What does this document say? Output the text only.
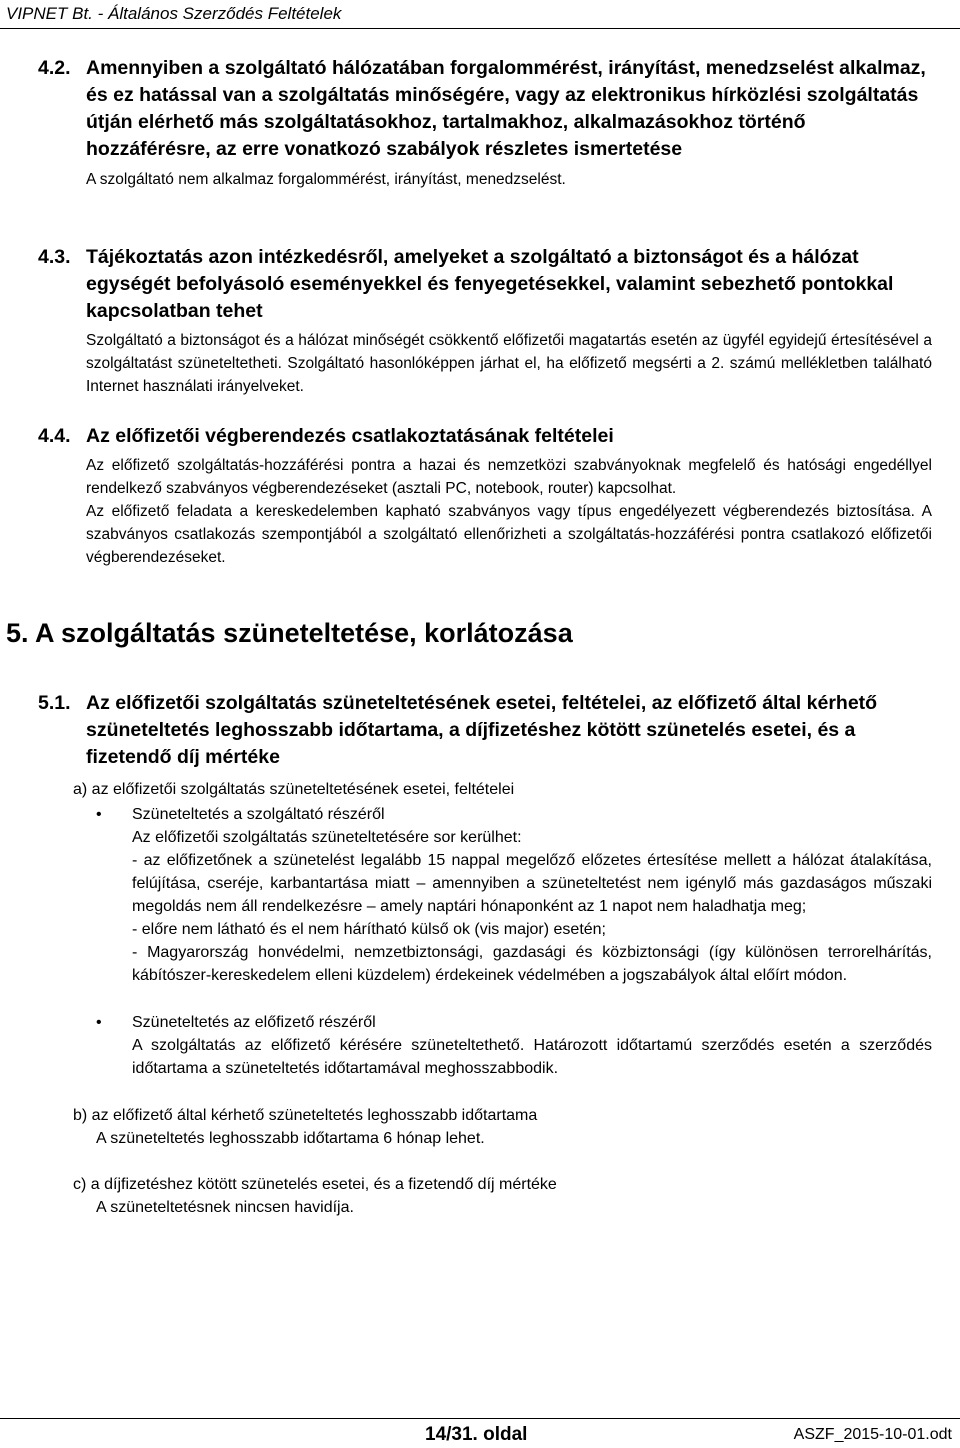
VIPNET Bt. - Általános Szerződés Feltételek
4.2. Amennyiben a szolgáltató hálózatában forgalommérést, irányítást, menedzselést alkalmaz, és ez hatással van a szolgáltatás minőségére, vagy az elektronikus hírközlési szolgáltatás útján elérhető más szolgáltatásokhoz, tartalmakhoz, alkalmazásokhoz történő hozzáférésre, az erre vonatkozó szabályok részletes ismertetése
A szolgáltató nem alkalmaz forgalommérést, irányítást, menedzselést.
4.3. Tájékoztatás azon intézkedésről, amelyeket a szolgáltató a biztonságot és a hálózat egységét befolyásoló eseményekkel és fenyegetésekkel, valamint sebezhető pontokkal kapcsolatban tehet
Szolgáltató a biztonságot és a hálózat minőségét csökkentő előfizetői magatartás esetén az ügyfél egyidejű értesítésével a szolgáltatást szüneteltetheti. Szolgáltató hasonlóképpen járhat el, ha előfizető megsérti a 2. számú mellékletben található Internet használati irányelveket.
4.4. Az előfizetői végberendezés csatlakoztatásának feltételei
Az előfizető szolgáltatás-hozzáférési pontra a hazai és nemzetközi szabványoknak megfelelő és hatósági engedéllyel rendelkező szabványos végberendezéseket (asztali PC, notebook, router) kapcsolhat.
Az előfizető feladata a kereskedelemben kapható szabványos vagy típus engedélyezett végberendezés biztosítása. A szabványos csatlakozás szempontjából a szolgáltató ellenőrizheti a szolgáltatás-hozzáférési pontra csatlakozó előfizetői végberendezéseket.
5. A szolgáltatás szüneteltetése, korlátozása
5.1. Az előfizetői szolgáltatás szüneteltetésének esetei, feltételei, az előfizető által kérhető szüneteltetés leghosszabb időtartama, a díjfizetéshez kötött szünetelés esetei, és a fizetendő díj mértéke
a) az előfizetői szolgáltatás szüneteltetésének esetei, feltételei
•	Szüneteltetés a szolgáltató részéről
Az előfizetői szolgáltatás szüneteltetésére sor kerülhet:
- az előfizetőnek a szünetelést legalább 15 nappal megelőző előzetes értesítése mellett a hálózat átalakítása, felújítása, cseréje, karbantartása miatt – amennyiben a szüneteltetést nem igénylő más gazdaságos műszaki megoldás nem áll rendelkezésre – amely naptári hónaponként az 1 napot nem haladhatja meg;
- előre nem látható és el nem hárítható külső ok (vis major) esetén;
- Magyarország honvédelmi, nemzetbiztonsági, gazdasági és közbiztonsági (így különösen terrorelhárítás, kábítószer-kereskedelem elleni küzdelem) érdekeinek védelmében a jogszabályok által előírt módon.
•	Szüneteltetés az előfizető részéről
A szolgáltatás az előfizető kérésére szüneteltethető. Határozott időtartamú szerződés esetén a szerződés időtartama a szüneteltetés időtartamával meghosszabbodik.
b) az előfizető által kérhető szüneteltetés leghosszabb időtartama
A szüneteltetés leghosszabb időtartama 6 hónap lehet.
c) a díjfizetéshez kötött szünetelés esetei, és a fizetendő díj mértéke
A szüneteltetésnek nincsen havidíja.
14/31. oldal	ASZF_2015-10-01.odt
